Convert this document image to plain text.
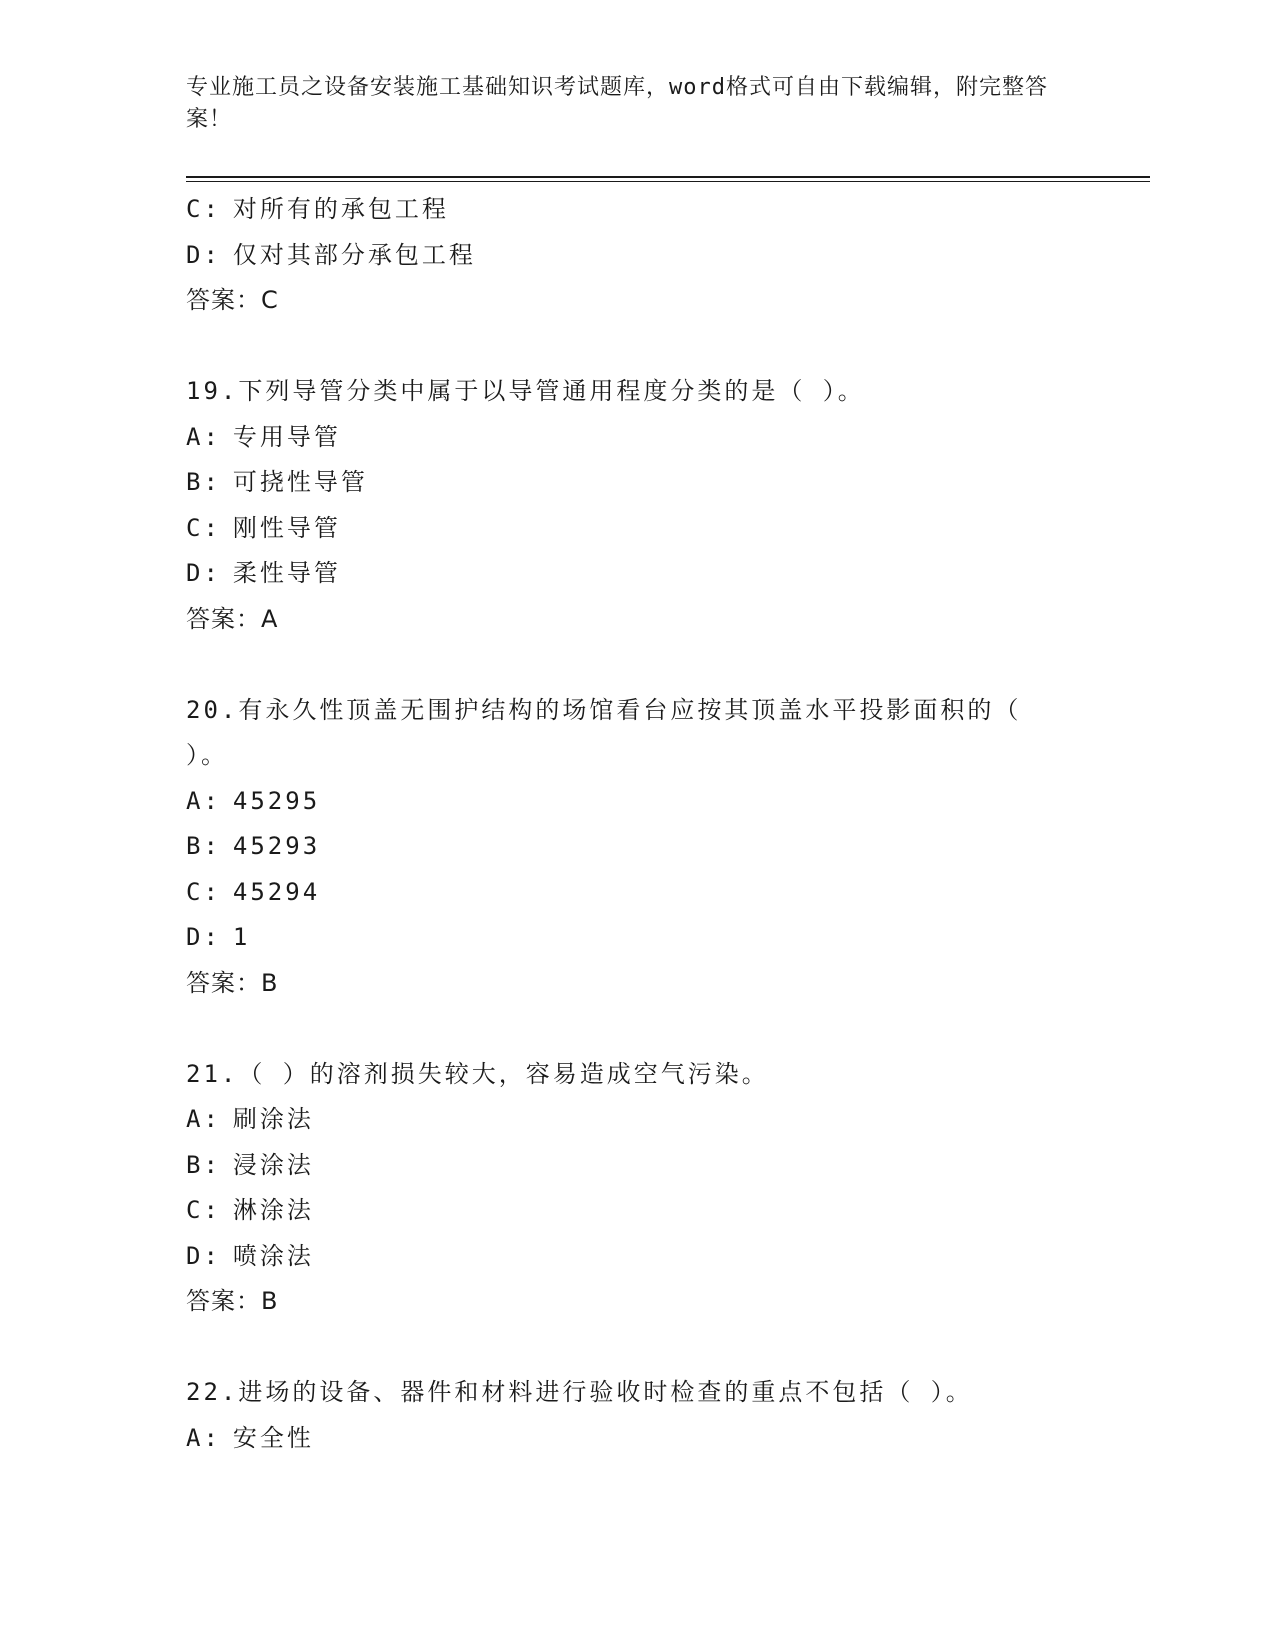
专业施工员之设备安装施工基础知识考试题库，word格式可自由下载编辑，附完整答案！
C: 对所有的承包工程
D: 仅对其部分承包工程
答案：C
19.下列导管分类中属于以导管通用程度分类的是（ ）。
A: 专用导管
B: 可挠性导管
C: 刚性导管
D: 柔性导管
答案：A
20.有永久性顶盖无围护结构的场馆看台应按其顶盖水平投影面积的（ ）。
A: 45295
B: 45293
C: 45294
D: 1
答案：B
21.（ ）的溶剂损失较大，容易造成空气污染。
A: 刷涂法
B: 浸涂法
C: 淋涂法
D: 喷涂法
答案：B
22.进场的设备、器件和材料进行验收时检查的重点不包括（ ）。
A: 安全性
